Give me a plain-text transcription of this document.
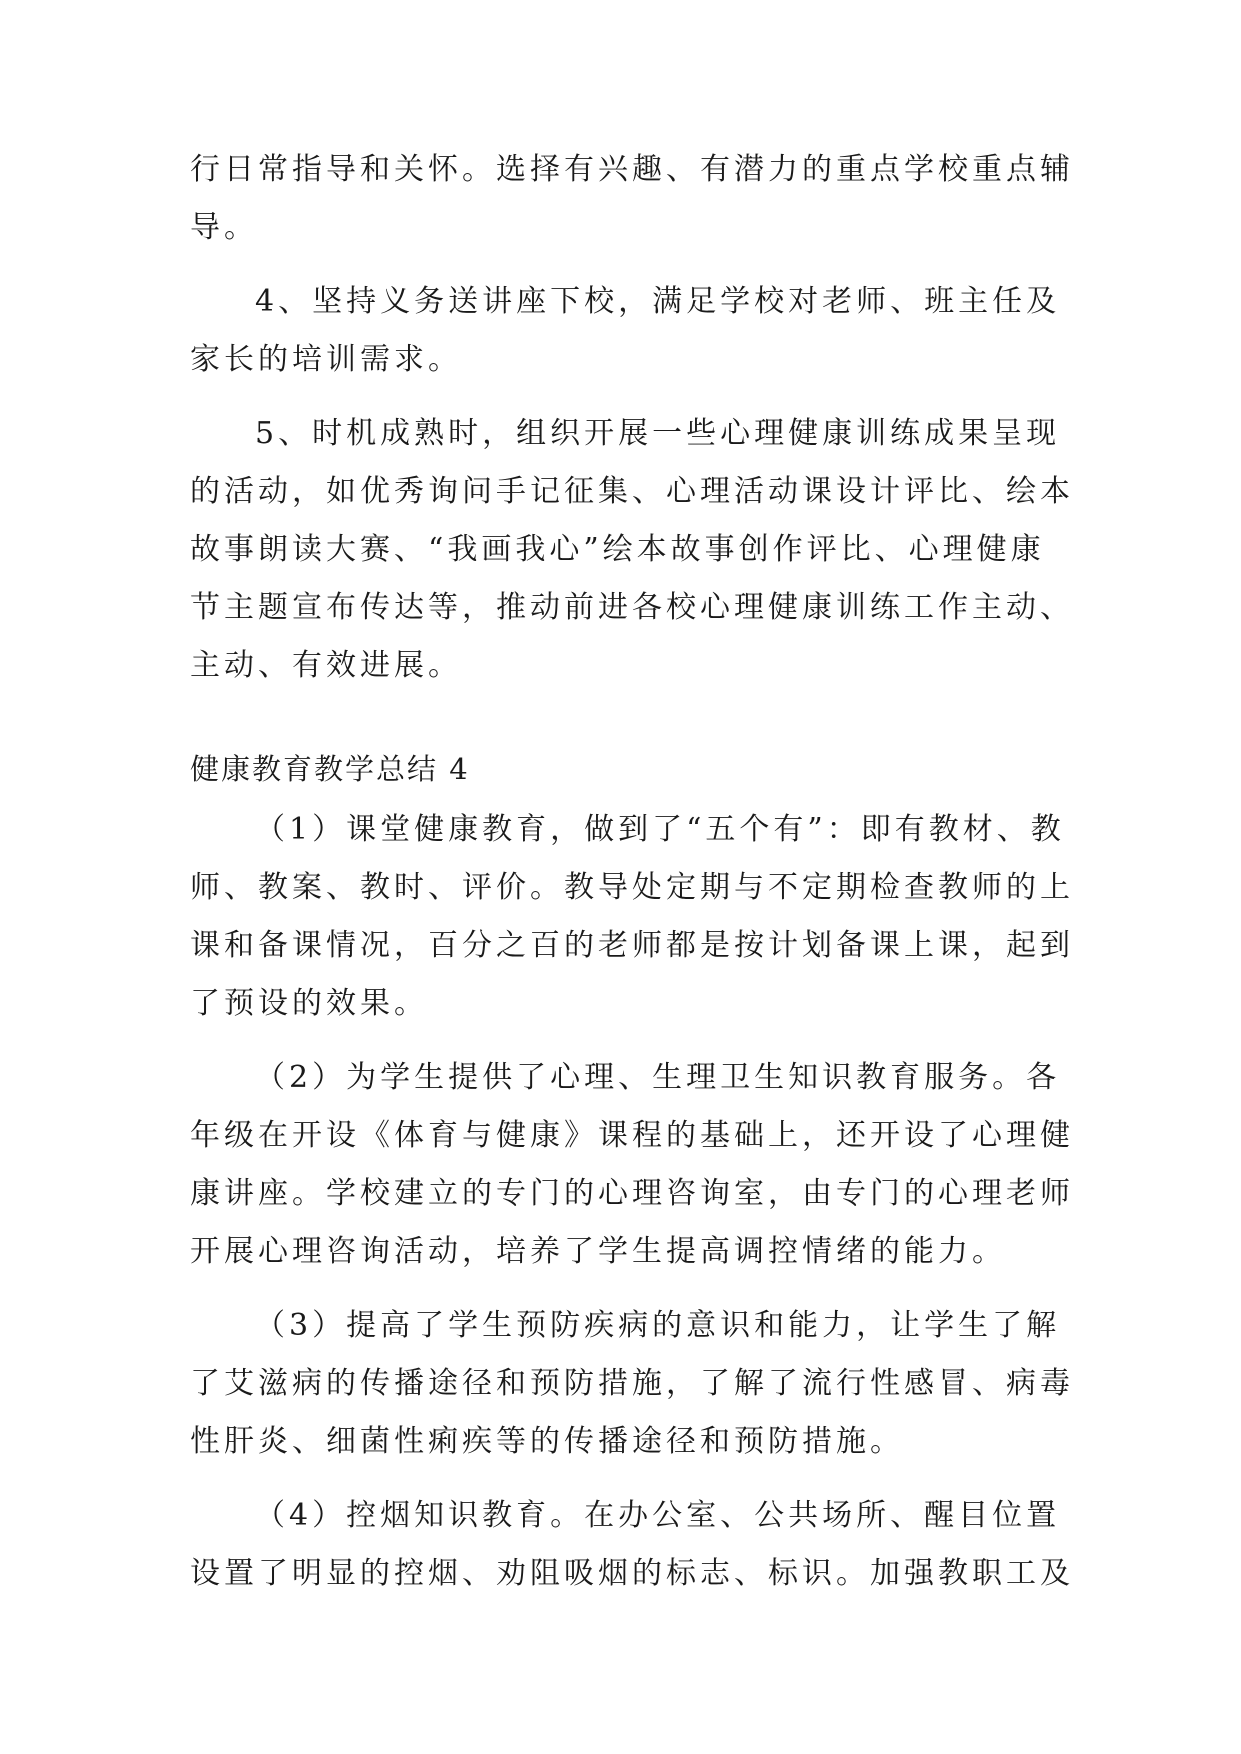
行日常指导和关怀。选择有兴趣、有潜力的重点学校重点辅
导。
4、坚持义务送讲座下校，满足学校对老师、班主任及
家长的培训需求。
5、时机成熟时，组织开展一些心理健康训练成果呈现
的活动，如优秀询问手记征集、心理活动课设计评比、绘本
故事朗读大赛、“我画我心”绘本故事创作评比、心理健康
节主题宣布传达等，推动前进各校心理健康训练工作主动、
主动、有效进展。
健康教育教学总结 4
（1）课堂健康教育，做到了“五个有”：即有教材、教
师、教案、教时、评价。教导处定期与不定期检查教师的上
课和备课情况，百分之百的老师都是按计划备课上课，起到
了预设的效果。
（2）为学生提供了心理、生理卫生知识教育服务。各
年级在开设《体育与健康》课程的基础上，还开设了心理健
康讲座。学校建立的专门的心理咨询室，由专门的心理老师
开展心理咨询活动，培养了学生提高调控情绪的能力。
（3）提高了学生预防疾病的意识和能力，让学生了解
了艾滋病的传播途径和预防措施，了解了流行性感冒、病毒
性肝炎、细菌性痢疾等的传播途径和预防措施。
（4）控烟知识教育。在办公室、公共场所、醒目位置
设置了明显的控烟、劝阻吸烟的标志、标识。加强教职工及
